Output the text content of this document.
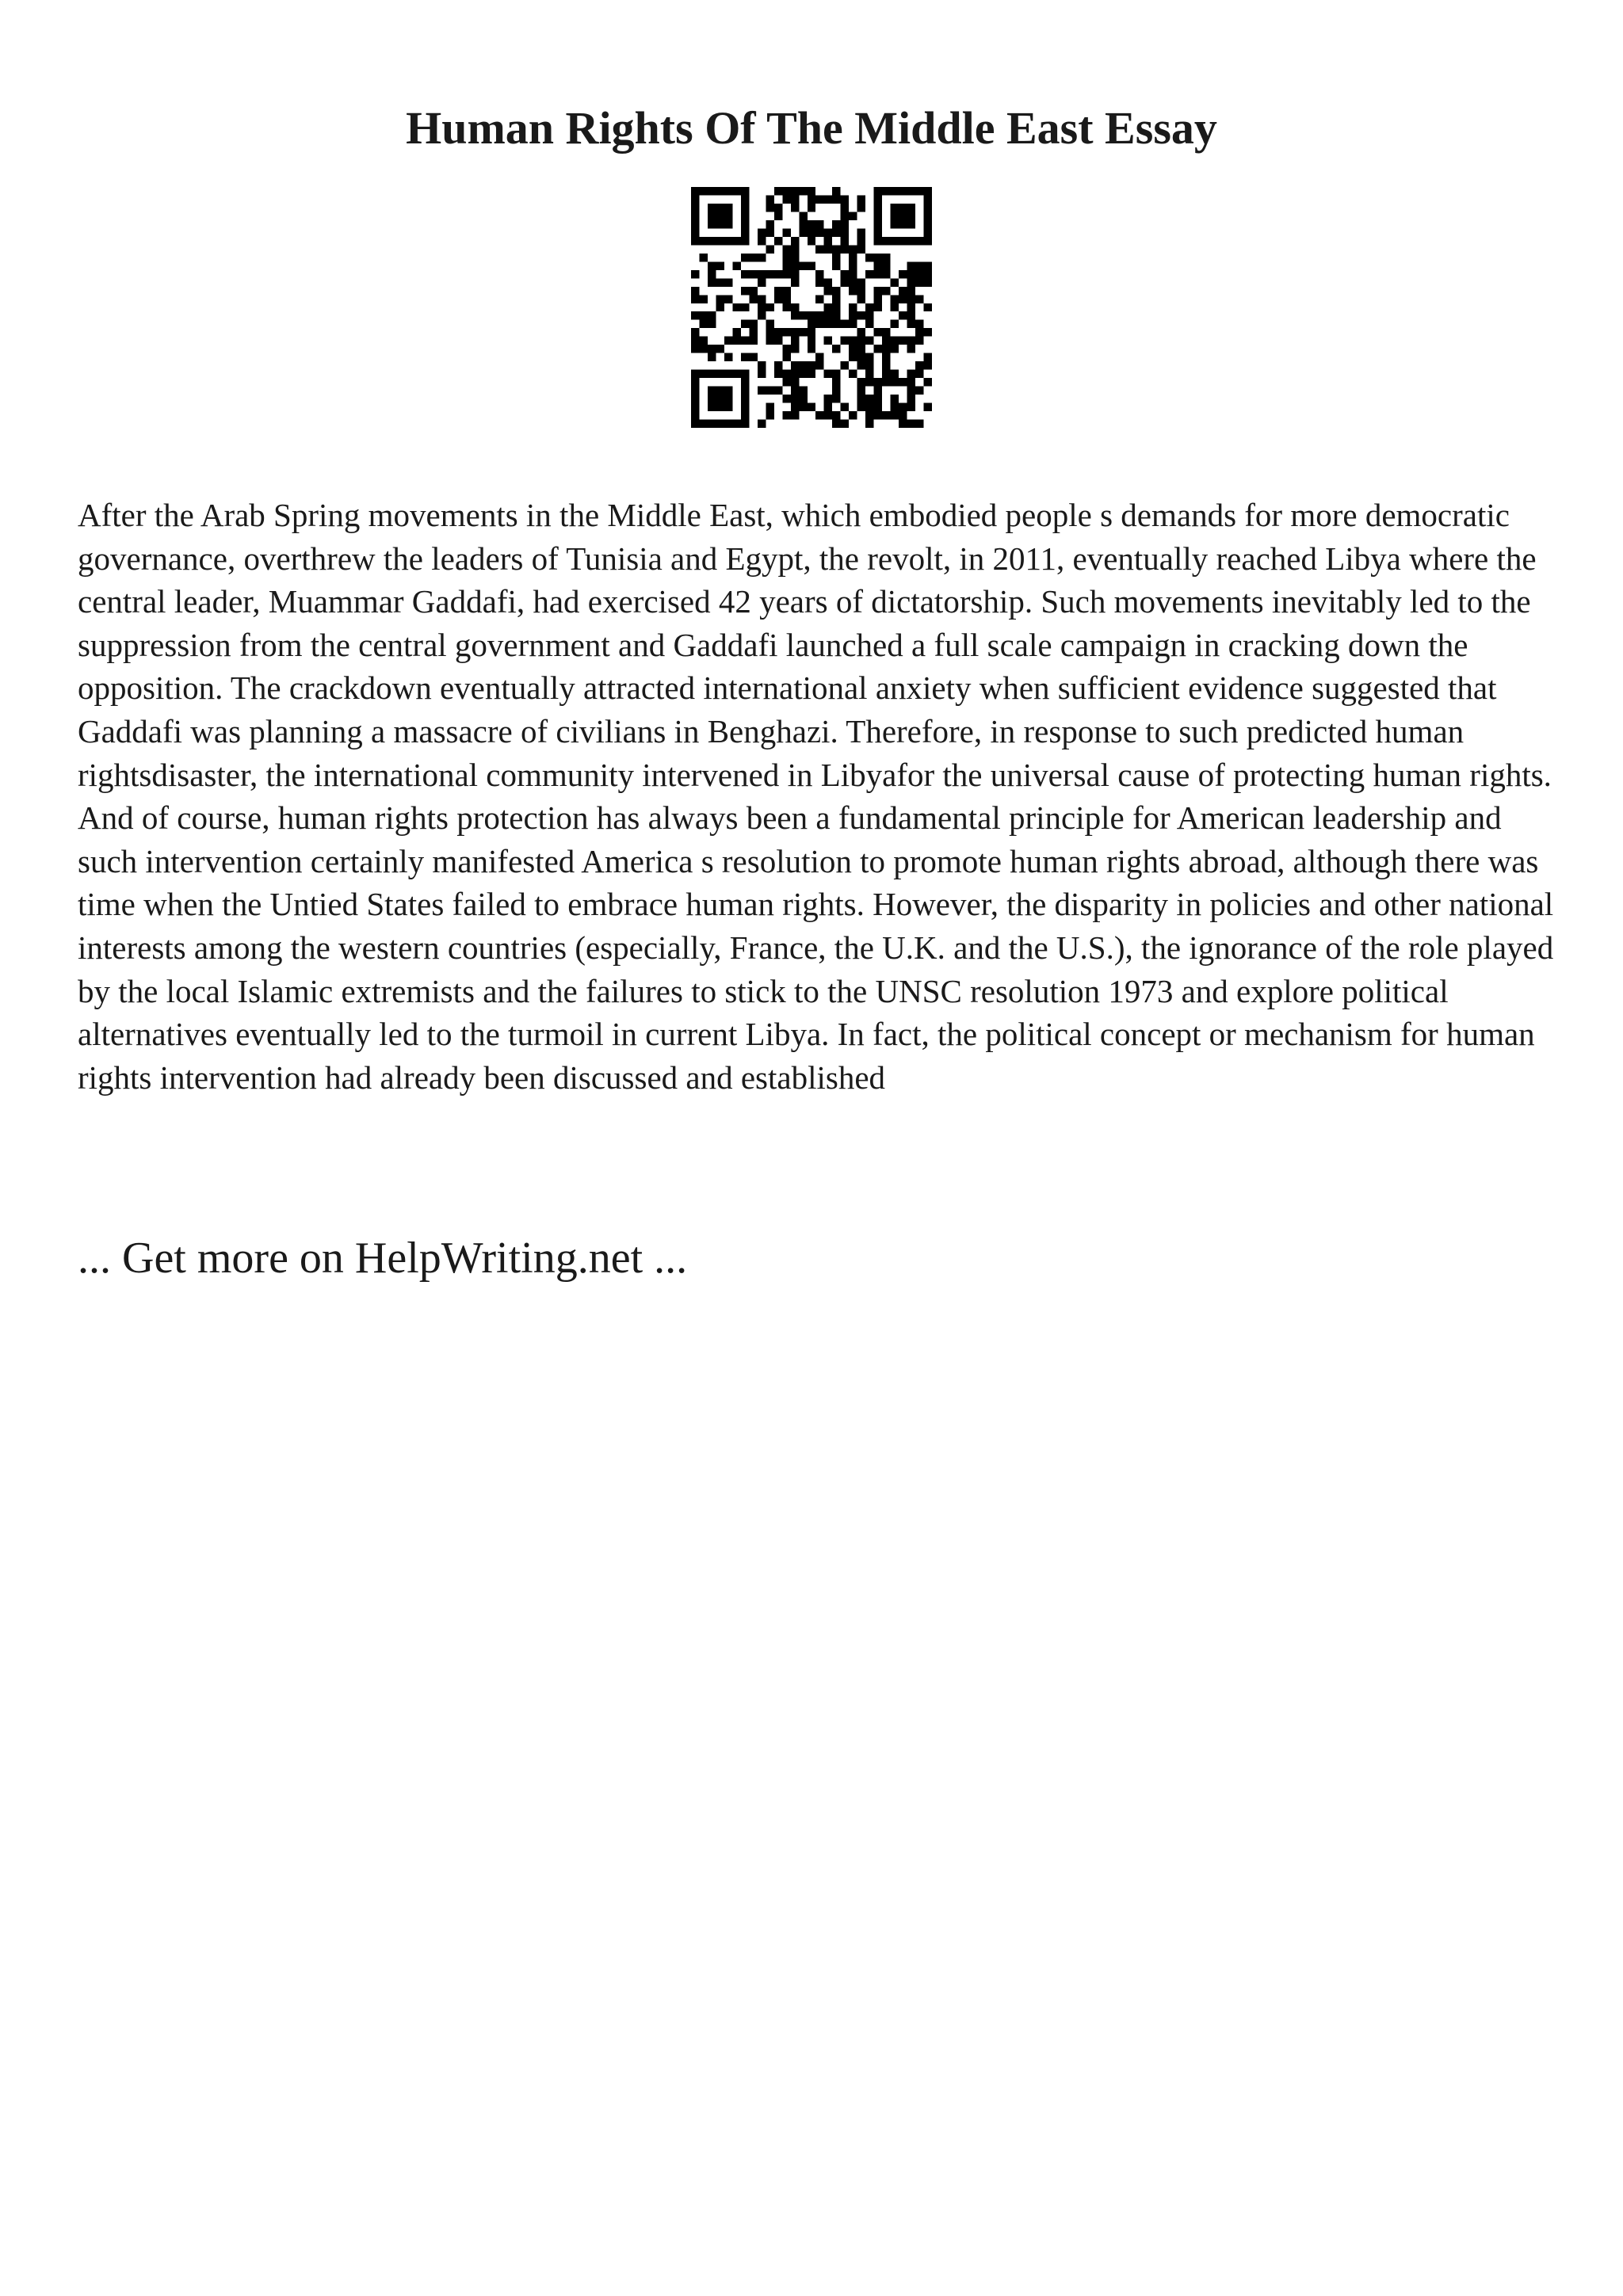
Human Rights Of The Middle East Essay

After the Arab Spring movements in the Middle East, which embodied people s demands for more democratic governance, overthrew the leaders of Tunisia and Egypt, the revolt, in 2011, eventually reached Libya where the central leader, Muammar Gaddafi, had exercised 42 years of dictatorship. Such movements inevitably led to the suppression from the central government and Gaddafi launched a full scale campaign in cracking down the opposition. The crackdown eventually attracted international anxiety when sufficient evidence suggested that Gaddafi was planning a massacre of civilians in Benghazi. Therefore, in response to such predicted human rightsdisaster, the international community intervened in Libyafor the universal cause of protecting human rights. And of course, human rights protection has always been a fundamental principle for American leadership and such intervention certainly manifested America s resolution to promote human rights abroad, although there was time when the Untied States failed to embrace human rights. However, the disparity in policies and other national interests among the western countries (especially, France, the U.K. and the U.S.), the ignorance of the role played by the local Islamic extremists and the failures to stick to the UNSC resolution 1973 and explore political alternatives eventually led to the turmoil in current Libya. In fact, the political concept or mechanism for human rights intervention had already been discussed and established

... Get more on HelpWriting.net ...
